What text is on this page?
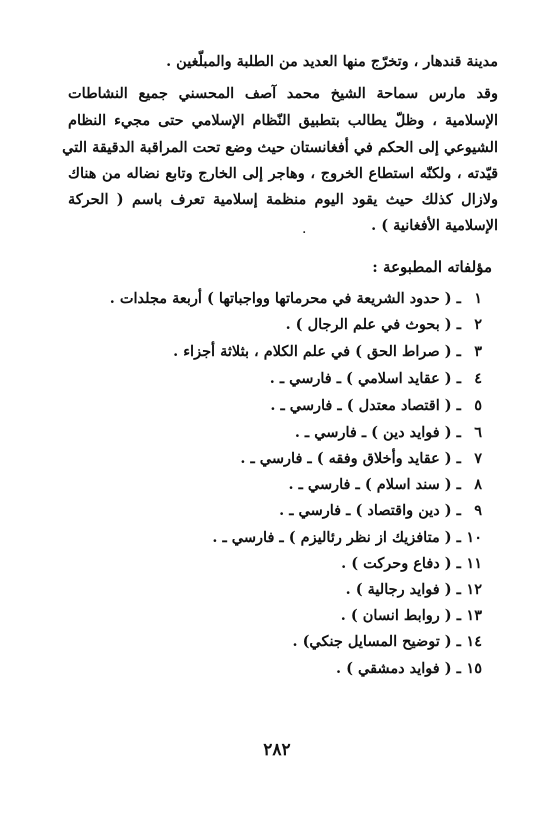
مدينة قندهار ، وتخرّج منها العديد من الطلبة والمبلّغين .
وقد مارس سماحة الشيخ محمد آصف المحسني جميع النشاطات
الإسلامية ، وظلّ يطالب بتطبيق النّظام الإسلامي حتى مجيء النظام
الشيوعي إلى الحكم في أفغانستان حيث وضع تحت المراقبة الدقيقة التي
قيّدته ، ولكنّه استطاع الخروج ، وهاجر إلى الخارج وتابع نضاله من هناك
ولازال كذلك حيث يقود اليوم منظمة إسلامية تعرف باسم ( الحركة
الإسلامية الأفغانية ) .
·
مؤلفاته المطبوعة :
١ ـ ( حدود الشريعة في محرماتها وواجباتها ) أربعة مجلدات .
٢ ـ ( بحوث في علم الرجال ) .
٣ ـ ( صراط الحق ) في علم الكلام ، بثلاثة أجزاء .
٤ ـ ( عقايد اسلامي ) ـ فارسي ـ .
٥ ـ ( اقتصاد معتدل ) ـ فارسي ـ .
٦ ـ ( فوايد دين ) ـ فارسي ـ .
٧ ـ ( عقايد وأخلاق وفقه ) ـ فارسي ـ .
٨ ـ ( سند اسلام ) ـ فارسي ـ .
٩ ـ ( دين واقتصاد ) ـ فارسي ـ .
١٠ ـ ( متافزيك از نظر رئاليزم ) ـ فارسي ـ .
١١ ـ ( دفاع وحركت ) .
١٢ ـ ( فوايد رجالية ) .
١٣ ـ ( روابط انسان ) .
١٤ ـ ( توضيح المسايل جنكي) .
١٥ ـ ( فوايد دمشقي ) .
٢٨٢
